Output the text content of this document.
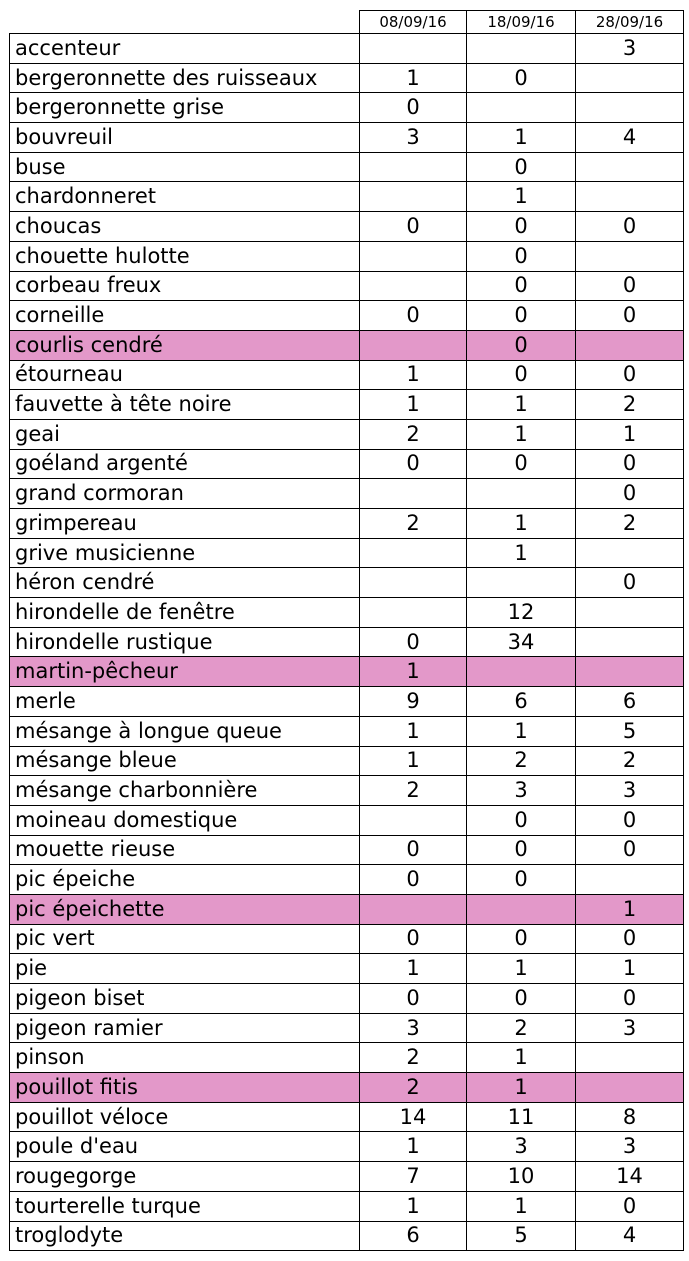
	08/09/16	18/09/16	28/09/16
accenteur			3
bergeronnette des ruisseaux	1	0	
bergeronnette grise	0		
bouvreuil	3	1	4
buse		0	
chardonneret		1	
choucas	0	0	0
chouette hulotte		0	
corbeau freux		0	0
corneille	0	0	0
courlis cendré		0	
étourneau	1	0	0
fauvette à tête noire	1	1	2
geai	2	1	1
goéland argenté	0	0	0
grand cormoran			0
grimpereau	2	1	2
grive musicienne		1	
héron cendré			0
hirondelle de fenêtre		12	
hirondelle rustique	0	34	
martin-pêcheur	1		
merle	9	6	6
mésange à longue queue	1	1	5
mésange bleue	1	2	2
mésange charbonnière	2	3	3
moineau domestique		0	0
mouette rieuse	0	0	0
pic épeiche	0	0	
pic épeichette			1
pic vert	0	0	0
pie	1	1	1
pigeon biset	0	0	0
pigeon ramier	3	2	3
pinson	2	1	
pouillot fitis	2	1	
pouillot véloce	14	11	8
poule d'eau	1	3	3
rougegorge	7	10	14
tourterelle turque	1	1	0
troglodyte	6	5	4
